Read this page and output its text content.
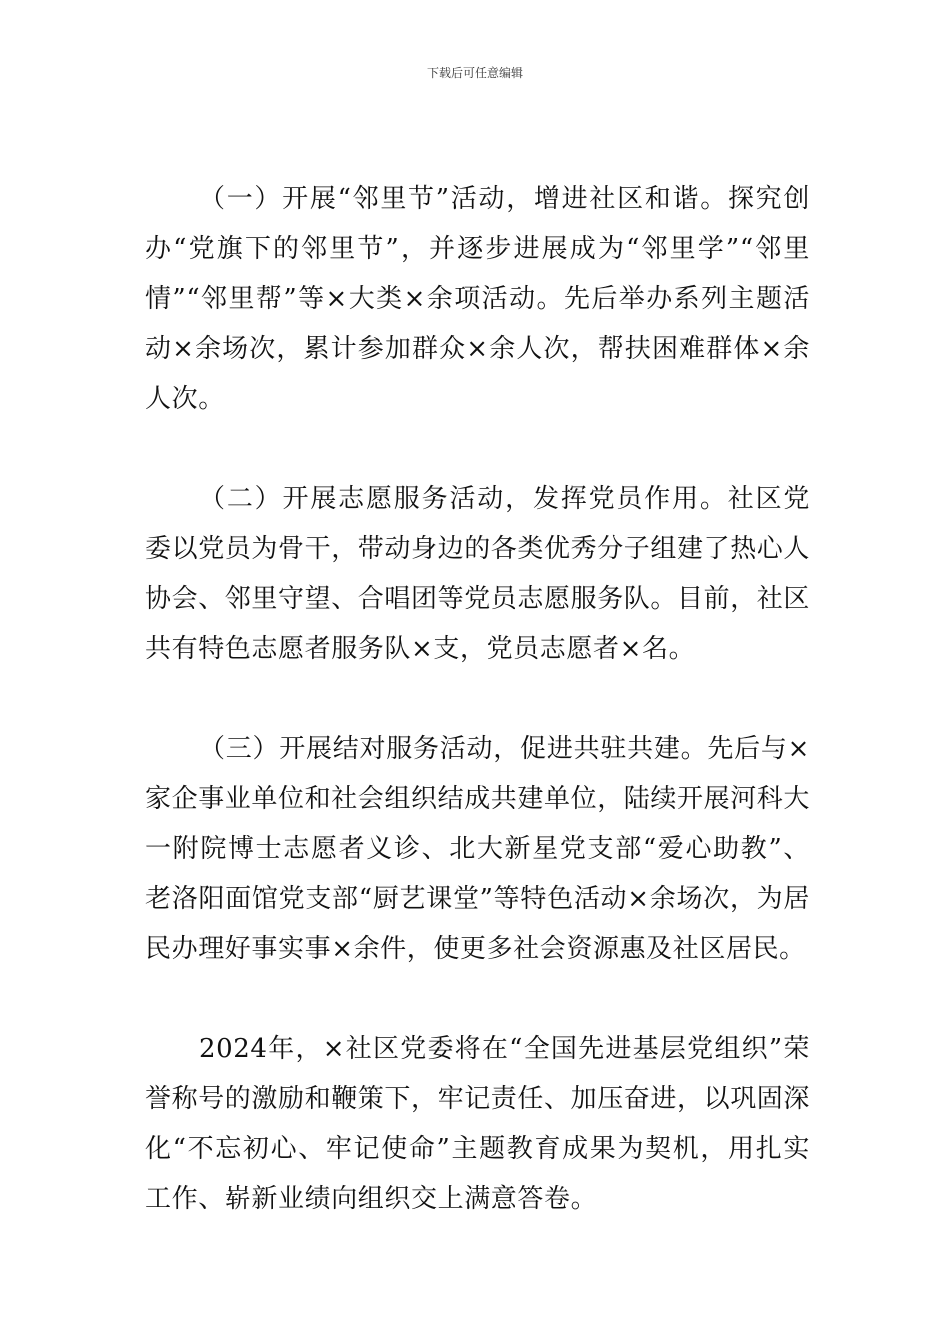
下载后可任意编辑

（一）开展“邻里节”活动，增进社区和谐。探究创办“党旗下的邻里节”，并逐步进展成为“邻里学”“邻里情”“邻里帮”等×大类×余项活动。先后举办系列主题活动×余场次，累计参加群众×余人次，帮扶困难群体×余人次。

（二）开展志愿服务活动，发挥党员作用。社区党委以党员为骨干，带动身边的各类优秀分子组建了热心人协会、邻里守望、合唱团等党员志愿服务队。目前，社区共有特色志愿者服务队×支，党员志愿者×名。

（三）开展结对服务活动，促进共驻共建。先后与×家企事业单位和社会组织结成共建单位，陆续开展河科大一附院博士志愿者义诊、北大新星党支部“爱心助教”、老洛阳面馆党支部“厨艺课堂”等特色活动×余场次，为居民办理好事实事×余件，使更多社会资源惠及社区居民。

2024年，×社区党委将在“全国先进基层党组织”荣誉称号的激励和鞭策下，牢记责任、加压奋进，以巩固深化“不忘初心、牢记使命”主题教育成果为契机，用扎实工作、崭新业绩向组织交上满意答卷。
